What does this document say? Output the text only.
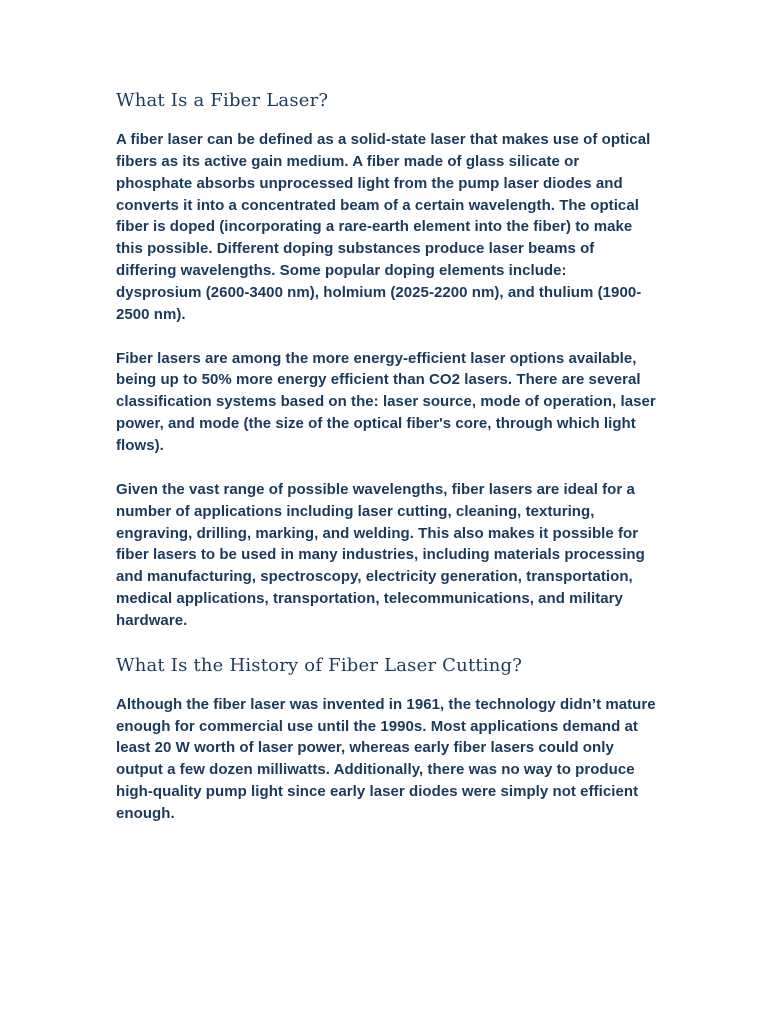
What Is a Fiber Laser?

A fiber laser can be defined as a solid-state laser that makes use of optical fibers as its active gain medium. A fiber made of glass silicate or phosphate absorbs unprocessed light from the pump laser diodes and converts it into a concentrated beam of a certain wavelength. The optical fiber is doped (incorporating a rare-earth element into the fiber) to make this possible. Different doping substances produce laser beams of differing wavelengths. Some popular doping elements include: dysprosium (2600-3400 nm), holmium (2025-2200 nm), and thulium (1900-2500 nm).

Fiber lasers are among the more energy-efficient laser options available, being up to 50% more energy efficient than CO2 lasers. There are several classification systems based on the: laser source, mode of operation, laser power, and mode (the size of the optical fiber's core, through which light flows).

Given the vast range of possible wavelengths, fiber lasers are ideal for a number of applications including laser cutting, cleaning, texturing, engraving, drilling, marking, and welding. This also makes it possible for fiber lasers to be used in many industries, including materials processing and manufacturing, spectroscopy, electricity generation, transportation, medical applications, transportation, telecommunications, and military hardware.

What Is the History of Fiber Laser Cutting?

Although the fiber laser was invented in 1961, the technology didn’t mature enough for commercial use until the 1990s. Most applications demand at least 20 W worth of laser power, whereas early fiber lasers could only output a few dozen milliwatts. Additionally, there was no way to produce high-quality pump light since early laser diodes were simply not efficient enough.
